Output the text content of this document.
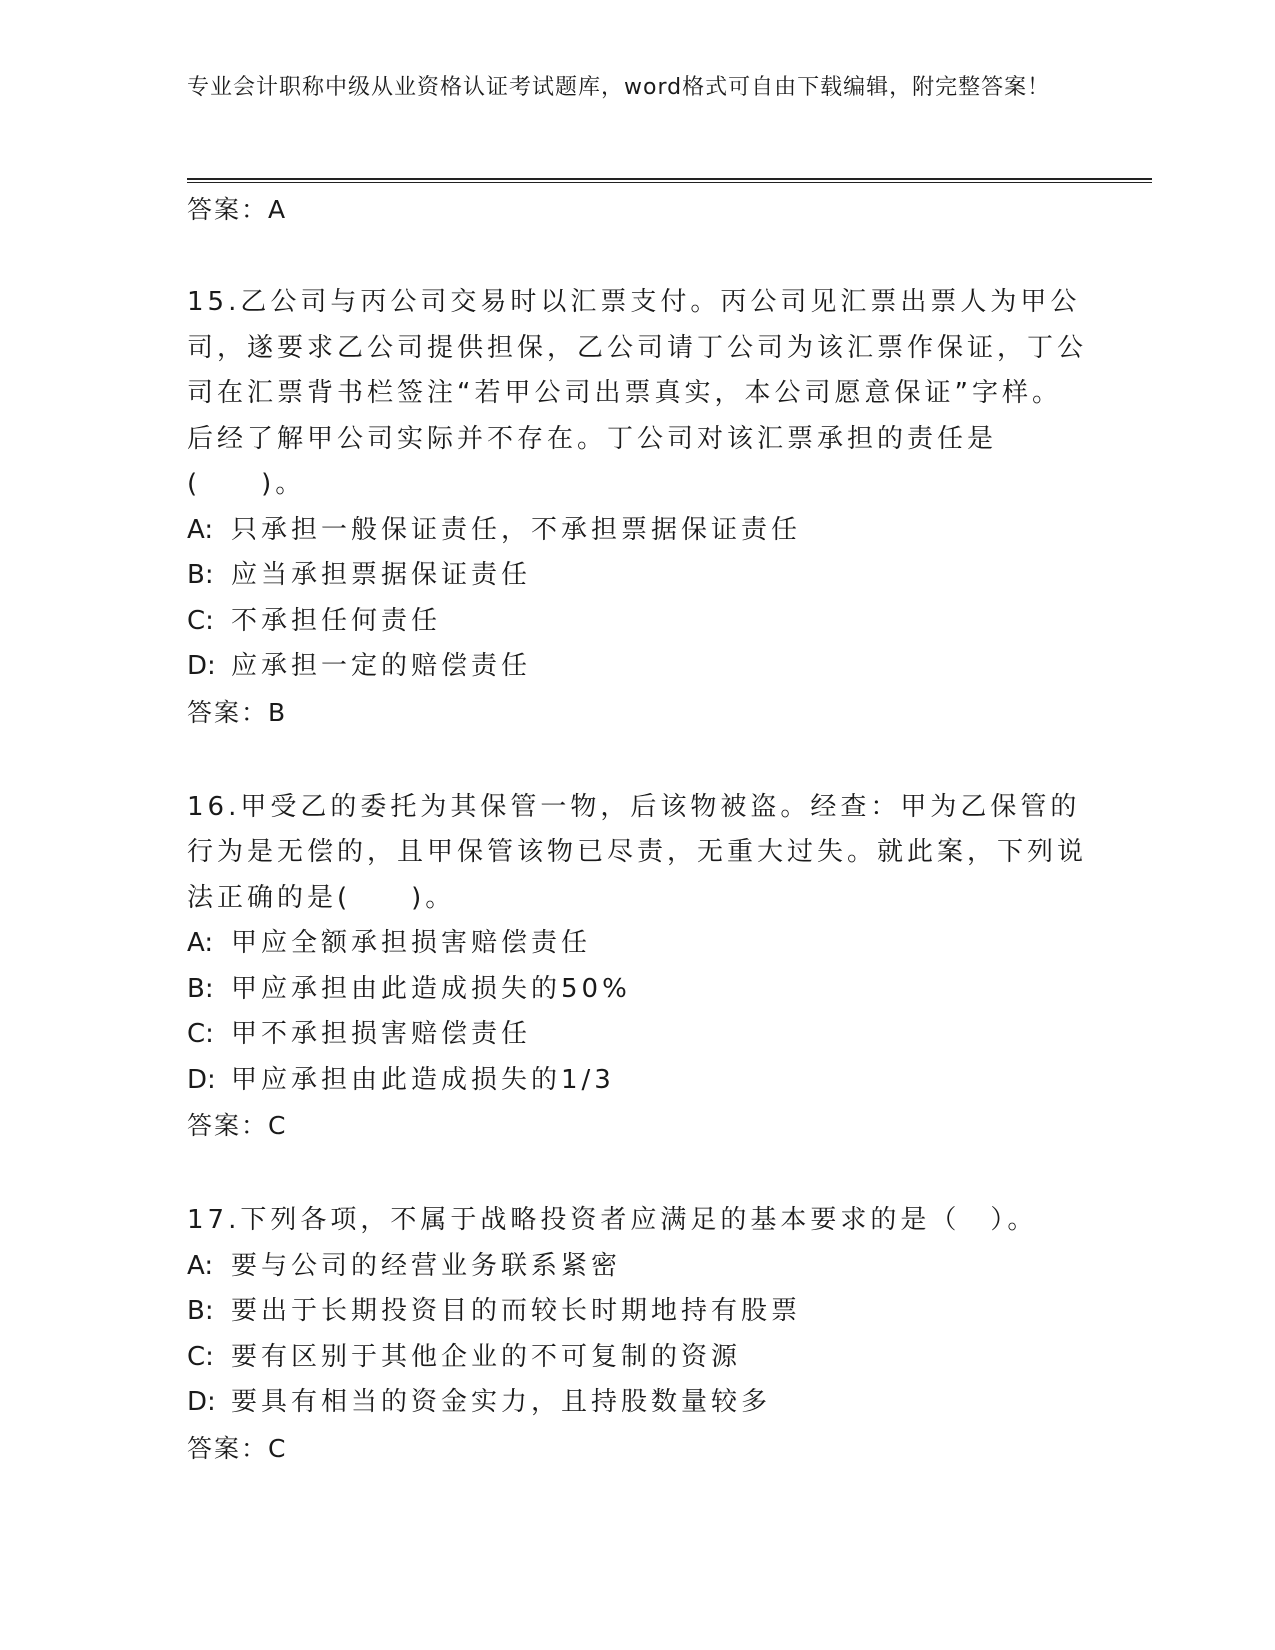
专业会计职称中级从业资格认证考试题库，word格式可自由下载编辑，附完整答案！

答案：A

15.乙公司与丙公司交易时以汇票支付。丙公司见汇票出票人为甲公司，遂要求乙公司提供担保，乙公司请丁公司为该汇票作保证，丁公司在汇票背书栏签注“若甲公司出票真实，本公司愿意保证”字样。后经了解甲公司实际并不存在。丁公司对该汇票承担的责任是(　　)。

A: 只承担一般保证责任，不承担票据保证责任

B: 应当承担票据保证责任

C: 不承担任何责任

D: 应承担一定的赔偿责任

答案：B

16.甲受乙的委托为其保管一物，后该物被盗。经查：甲为乙保管的行为是无偿的，且甲保管该物已尽责，无重大过失。就此案，下列说法正确的是(　　)。

A: 甲应全额承担损害赔偿责任

B: 甲应承担由此造成损失的50%

C: 甲不承担损害赔偿责任

D: 甲应承担由此造成损失的1/3

答案：C

17.下列各项，不属于战略投资者应满足的基本要求的是（　）。

A: 要与公司的经营业务联系紧密

B: 要出于长期投资目的而较长时期地持有股票

C: 要有区别于其他企业的不可复制的资源

D: 要具有相当的资金实力，且持股数量较多

答案：C
